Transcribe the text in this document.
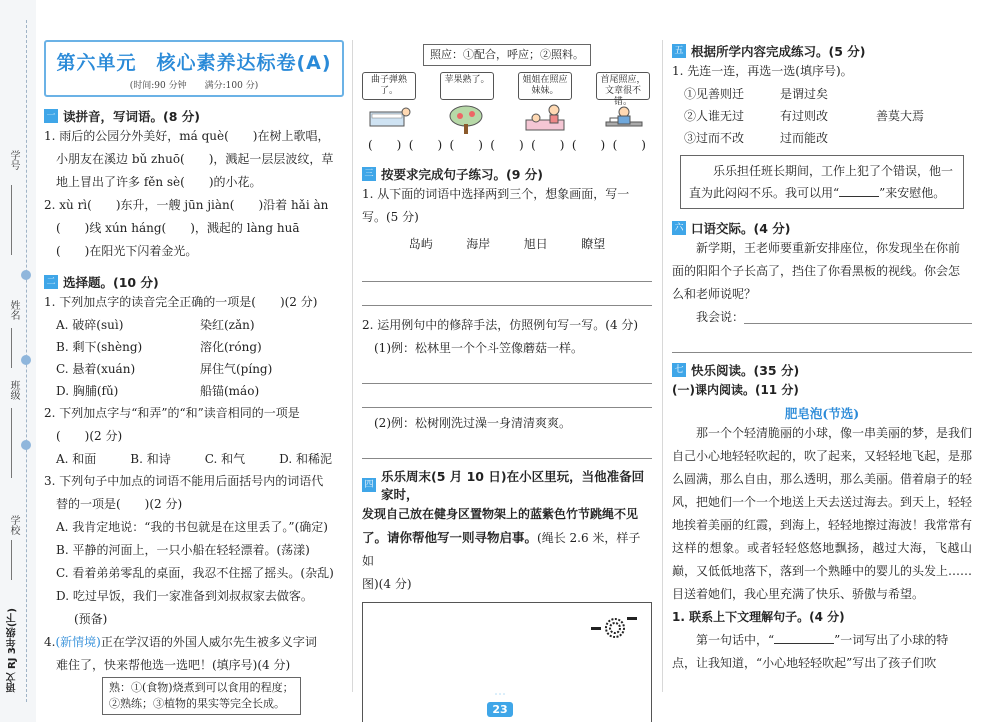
学号
姓名
班级
学校
语文 RJ 3年级(下)
第六单元　核心素养达标卷(A)
(时间:90 分钟　　满分:100 分)
一 读拼音，写词语。(8 分)
1. 雨后的公园分外美好，má què(　　)在树上歌唱，
小朋友在溪边 bǔ zhuō(　　)，溅起一层层波纹，草
地上冒出了许多 fěn sè(　　)的小花。
2. xù rì(　　)东升，一艘 jūn jiàn(　　)沿着 hǎi àn
(　　)线 xún háng(　　)，溅起的 làng huā
(　　)在阳光下闪着金光。
二 选择题。(10 分)
1. 下列加点字的读音完全正确的一项是(　　)(2 分)
A. 破碎(suì)	染红(zǎn)
B. 剩下(shèng)	溶化(róng)
C. 悬着(xuán)	屏住气(píng)
D. 胸脯(fǔ)	船锚(máo)
2. 下列加点字与“和弄”的“和”读音相同的一项是
(　　)(2 分)
A. 和面	B. 和诗	C. 和气	D. 和稀泥
3. 下列句子中加点的词语不能用后面括号内的词语代
替的一项是(　　)(2 分)
A. 我肯定地说：“我的书包就是在这里丢了。”(确定)
B. 平静的河面上，一只小船在轻轻漂着。(荡漾)
C. 看着弟弟零乱的桌面，我忍不住摇了摇头。(杂乱)
D. 吃过早饭，我们一家准备到刘叔叔家去做客。
(预备)
4.(新情境)正在学汉语的外国人威尔先生被多义字词
难住了，快来帮他选一选吧！(填序号)(4 分)
熟：①(食物)烧煮到可以食用的程度；
②熟练；③植物的果实等完全长成。
照应：①配合，呼应；②照料。
曲子弹熟了。
苹果熟了。	姐姐在照应妹妹。
首尾照应，文章很不错。
(　　) (　　) (　　) (　　) (　　) (　　) (　　)
三 按要求完成句子练习。(9 分)
1. 从下面的词语中选择两到三个，想象画面，写一写。(5 分)
岛屿	海岸	旭日	瞭望
2. 运用例句中的修辞手法，仿照例句写一写。(4 分)
(1)例：松林里一个个斗笠像蘑菇一样。
(2)例：松树刚洗过澡一身清清爽爽。
四
乐乐周末(5 月 10 日)在小区里玩，当他准备回家时，
发现自己放在健身区置物架上的蓝紫色竹节跳绳不见
了。请你帮他写一则寻物启事。(绳长 2.6 米，样子如
图)(4 分)
五 根据所学内容完成练习。(5 分)
1. 先连一连，再选一选(填序号)。
①见善则迁	是谓过矣
②人谁无过	有过则改	善莫大焉
③过而不改	过而能改
乐乐担任班长期间，工作上犯了个错误，他一
直为此闷闷不乐。我可以用“	”来安慰他。
六 口语交际。(4 分)
新学期，王老师要重新安排座位，你发现坐在你前
面的阳阳个子长高了，挡住了你看黑板的视线。你会怎
么和老师说呢？
我会说：
七 快乐阅读。(35 分)
(一)课内阅读。(11 分)
肥皂泡(节选)
那一个个轻清脆丽的小球，像一串美丽的梦，是我们自己小心地轻轻吹起的，吹了起来，又轻轻地飞起，是那么圆满，那么自由，那么透明，那么美丽。借着扇子的轻风，把她们一个一个地送上天去送过海去。到天上，轻轻地挨着美丽的红霞，到海上，轻轻地擦过海波！我常常有这样的想象。或者轻轻悠悠地飘扬，越过大海，飞越山巅，又低低地落下，落到一个熟睡中的婴儿的头发上……目送着她们，我心里充满了快乐、骄傲与希望。
1. 联系上下文理解句子。(4 分)
第一句话中，“	”一词写出了小球的特
点，让我知道，“小心地轻轻吹起”写出了孩子们吹
˙˙˙
23
